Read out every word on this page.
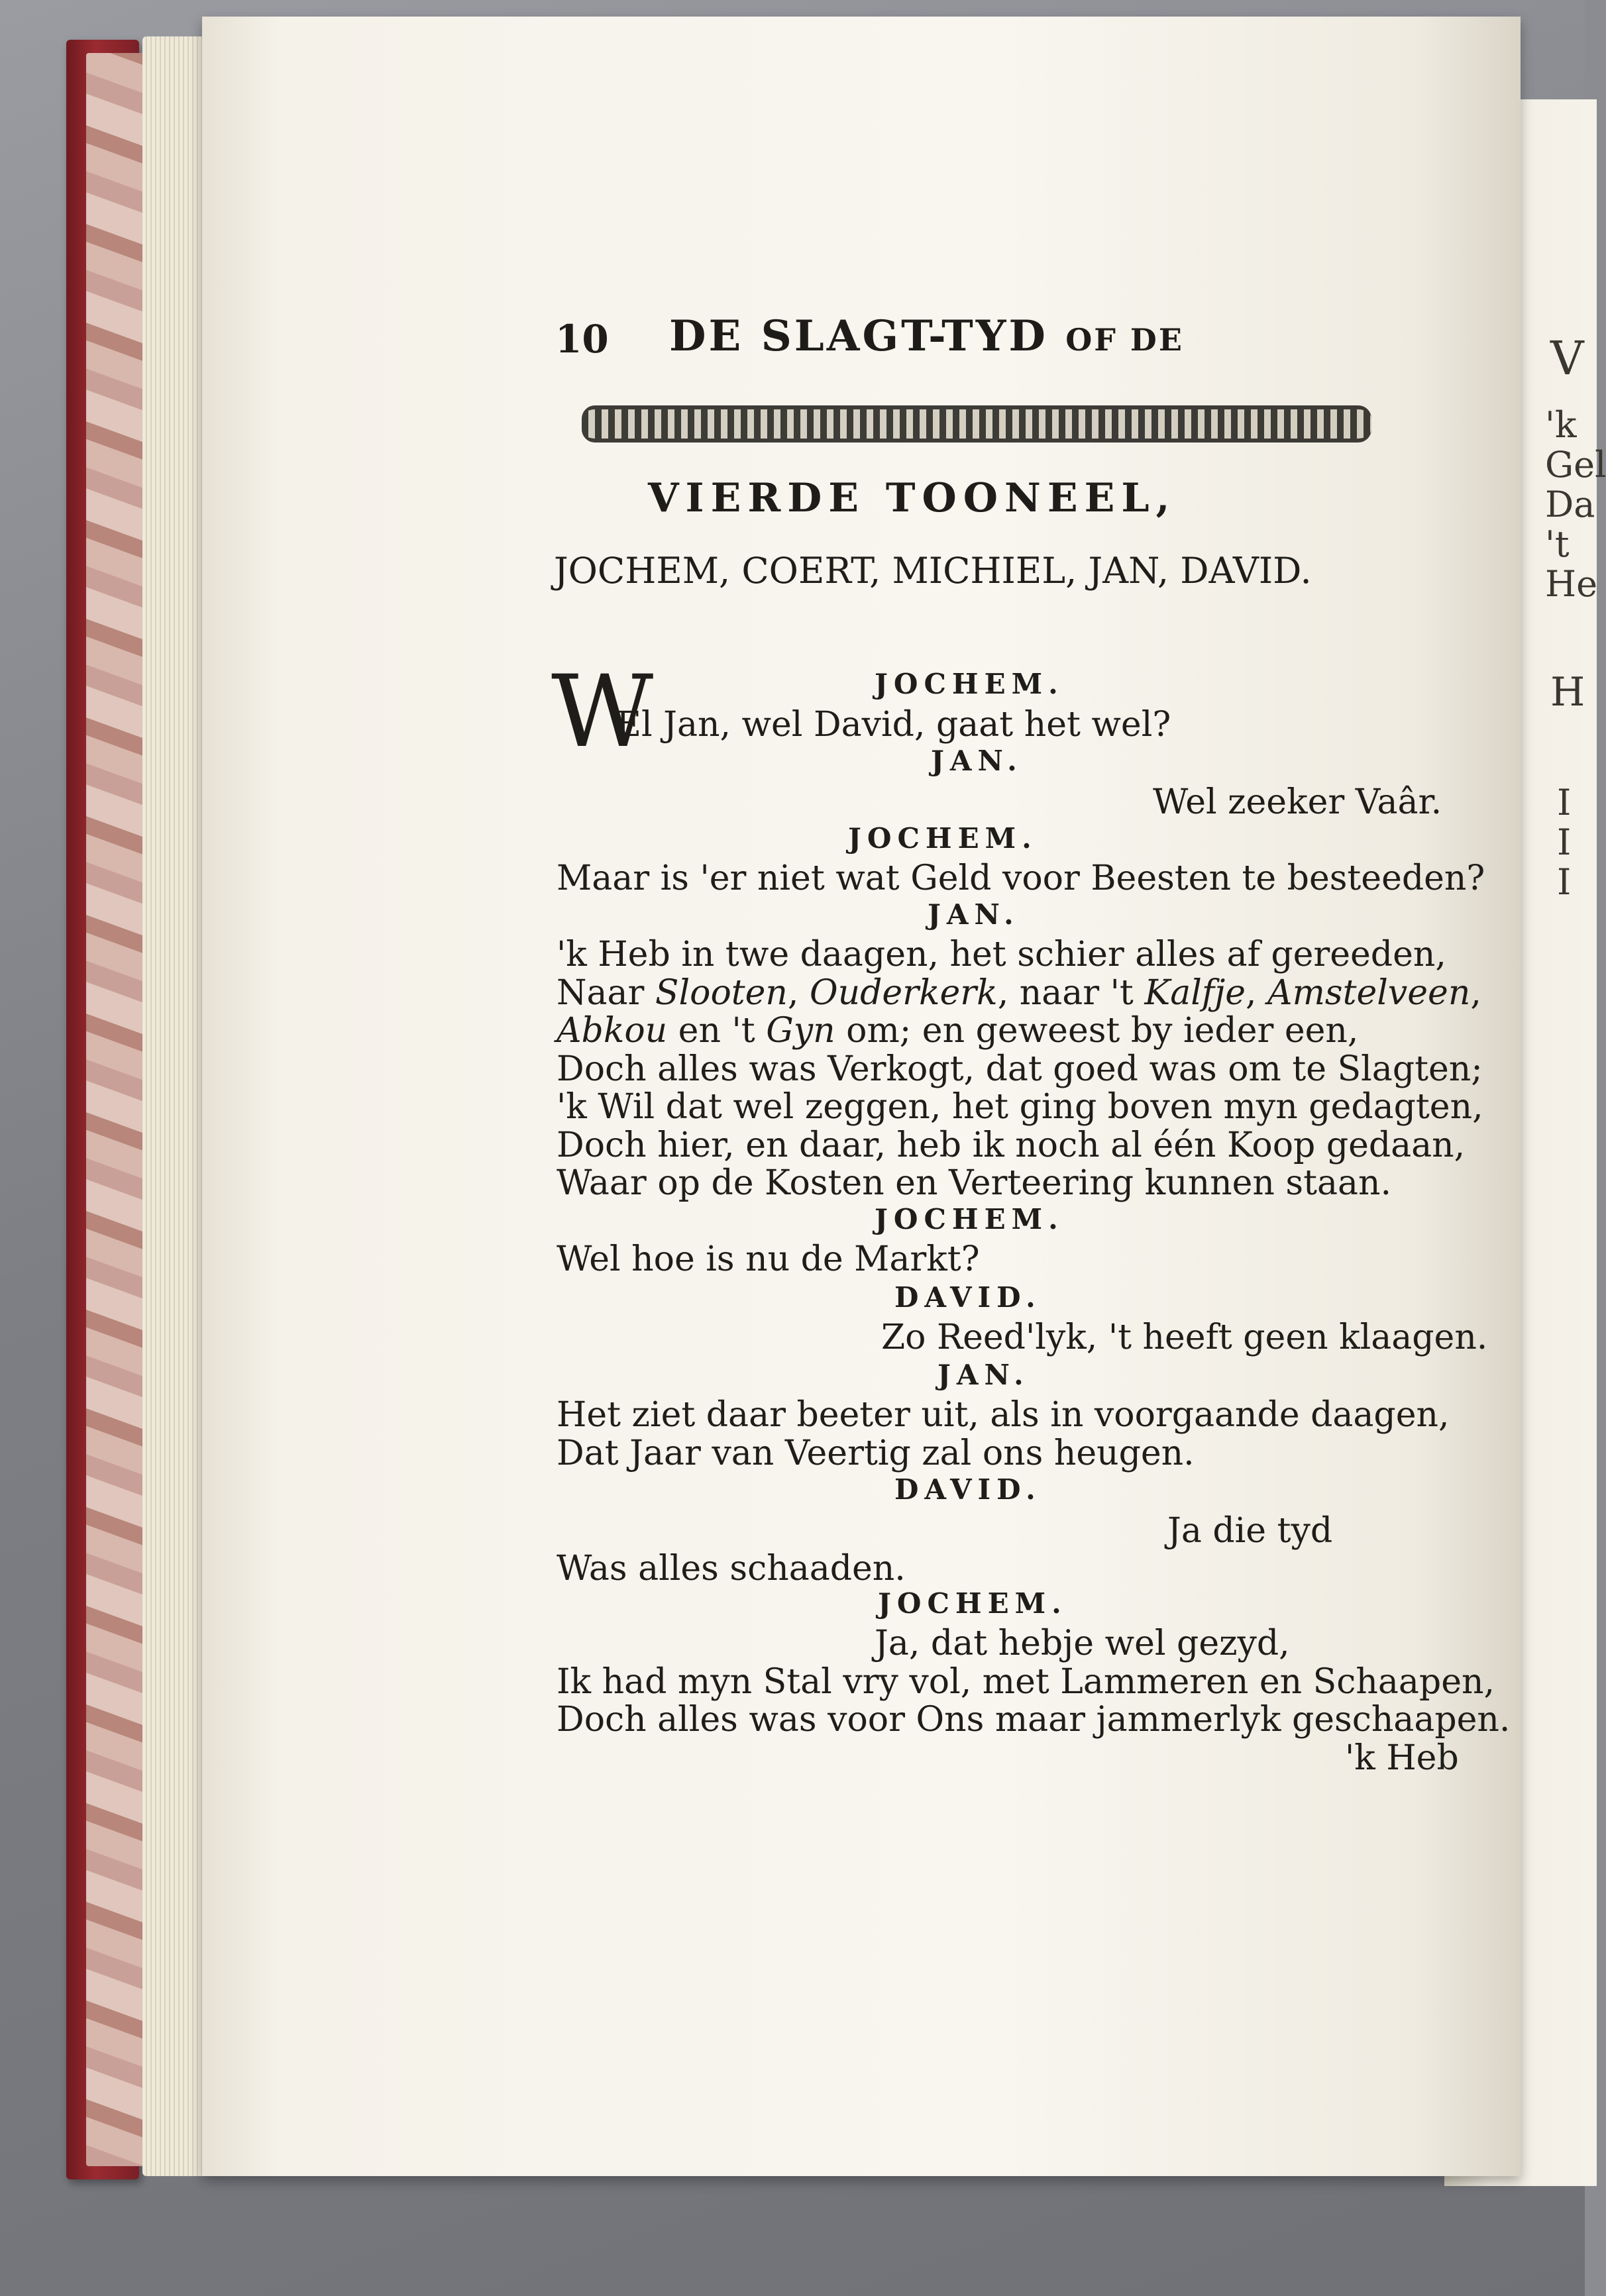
V
'k
Gel
Da
't
He
H
I
I
I
10 DE SLAGT-TYD OF DE
VIERDE TOONEEL,
JOCHEM, COERT, MICHIEL, JAN, DAVID.
W	JOCHEM.
El Jan, wel David, gaat het wel?
JAN.
Wel zeeker Vaâr.
JOCHEM.
Maar is 'er niet wat Geld voor Beesten te besteeden?
JAN.
'k Heb in twe daagen, het schier alles af gereeden,
Naar Slooten, Ouderkerk, naar 't Kalfje, Amstelveen,
Abkou en 't Gyn om; en geweest by ieder een,
Doch alles was Verkogt, dat goed was om te Slagten;
'k Wil dat wel zeggen, het ging boven myn gedagten,
Doch hier, en daar, heb ik noch al één Koop gedaan,
Waar op de Kosten en Verteering kunnen staan.
JOCHEM.
Wel hoe is nu de Markt?
DAVID.
Zo Reed'lyk, 't heeft geen klaagen.
JAN.
Het ziet daar beeter uit, als in voorgaande daagen,
Dat Jaar van Veertig zal ons heugen.
DAVID.
Ja die tyd
Was alles schaaden.
JOCHEM.
Ja, dat hebje wel gezyd,
Ik had myn Stal vry vol, met Lammeren en Schaapen,
Doch alles was voor Ons maar jammerlyk geschaapen.
'k Heb
